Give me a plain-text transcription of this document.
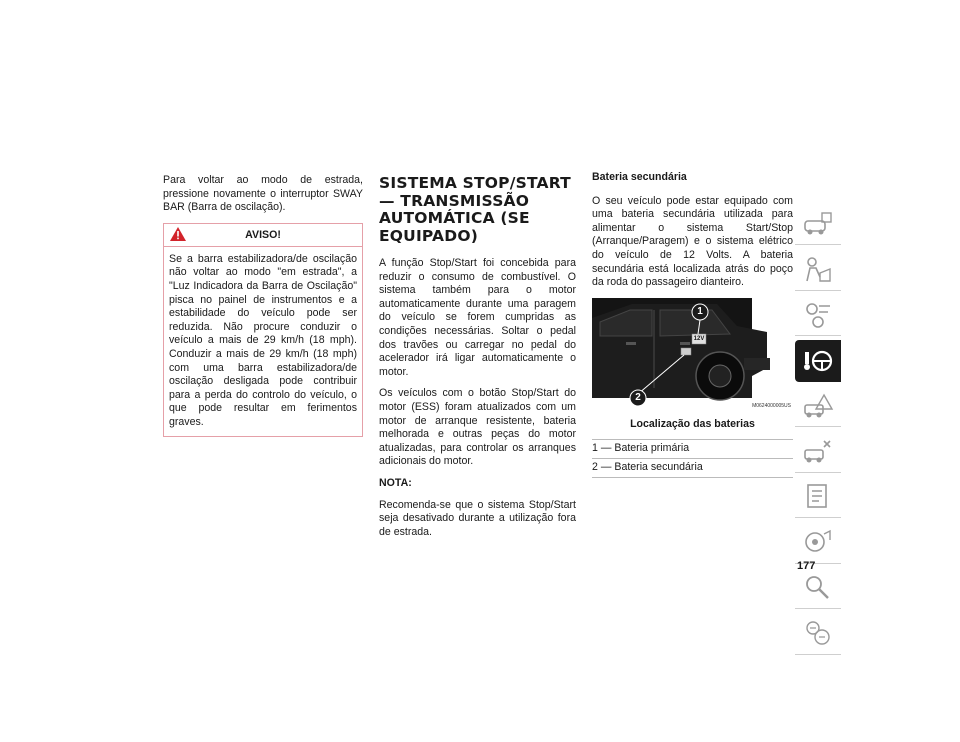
Para voltar ao modo de estrada, pressione novamente o interruptor SWAY BAR (Barra de oscilação).

AVISO!
Se a barra estabilizadora/de oscilação não voltar ao modo "em estrada", a "Luz Indicadora da Barra de Oscilação" pisca no painel de instrumentos e a estabilidade do veículo pode ser reduzida. Não procure conduzir o veículo a mais de 29 km/h (18 mph). Conduzir a mais de 29 km/h (18 mph) com uma barra estabilizadora/de oscilação desligada pode contribuir para a perda do controlo do veículo, o que pode resultar em ferimentos graves.
SISTEMA STOP/START — TRANSMISSÃO AUTOMÁTICA (SE EQUIPADO)

A função Stop/Start foi concebida para reduzir o consumo de combustível. O sistema também para o motor automaticamente durante uma paragem do veículo se forem cumpridas as condições necessárias. Soltar o pedal dos travões ou carregar no pedal do acelerador irá ligar automaticamente o motor.

Os veículos com o botão Stop/Start do motor (ESS) foram atualizados com um motor de arranque resistente, bateria melhorada e outras peças do motor atualizadas, para controlar os arranques adicionais do motor.

NOTA:

Recomenda-se que o sistema Stop/Start seja desativado durante a utilização fora de estrada.

Bateria secundária

O seu veículo pode estar equipado com uma bateria secundária utilizada para alimentar o sistema Start/Stop (Arranque/Paragem) e o sistema elétrico do veículo de 12 Volts. A bateria secundária está localizada atrás do poço da roda do passageiro dianteiro.

12V
1
2
M0624000005US
Localização das baterias
1 — Bateria primária
2 — Bateria secundária
177
